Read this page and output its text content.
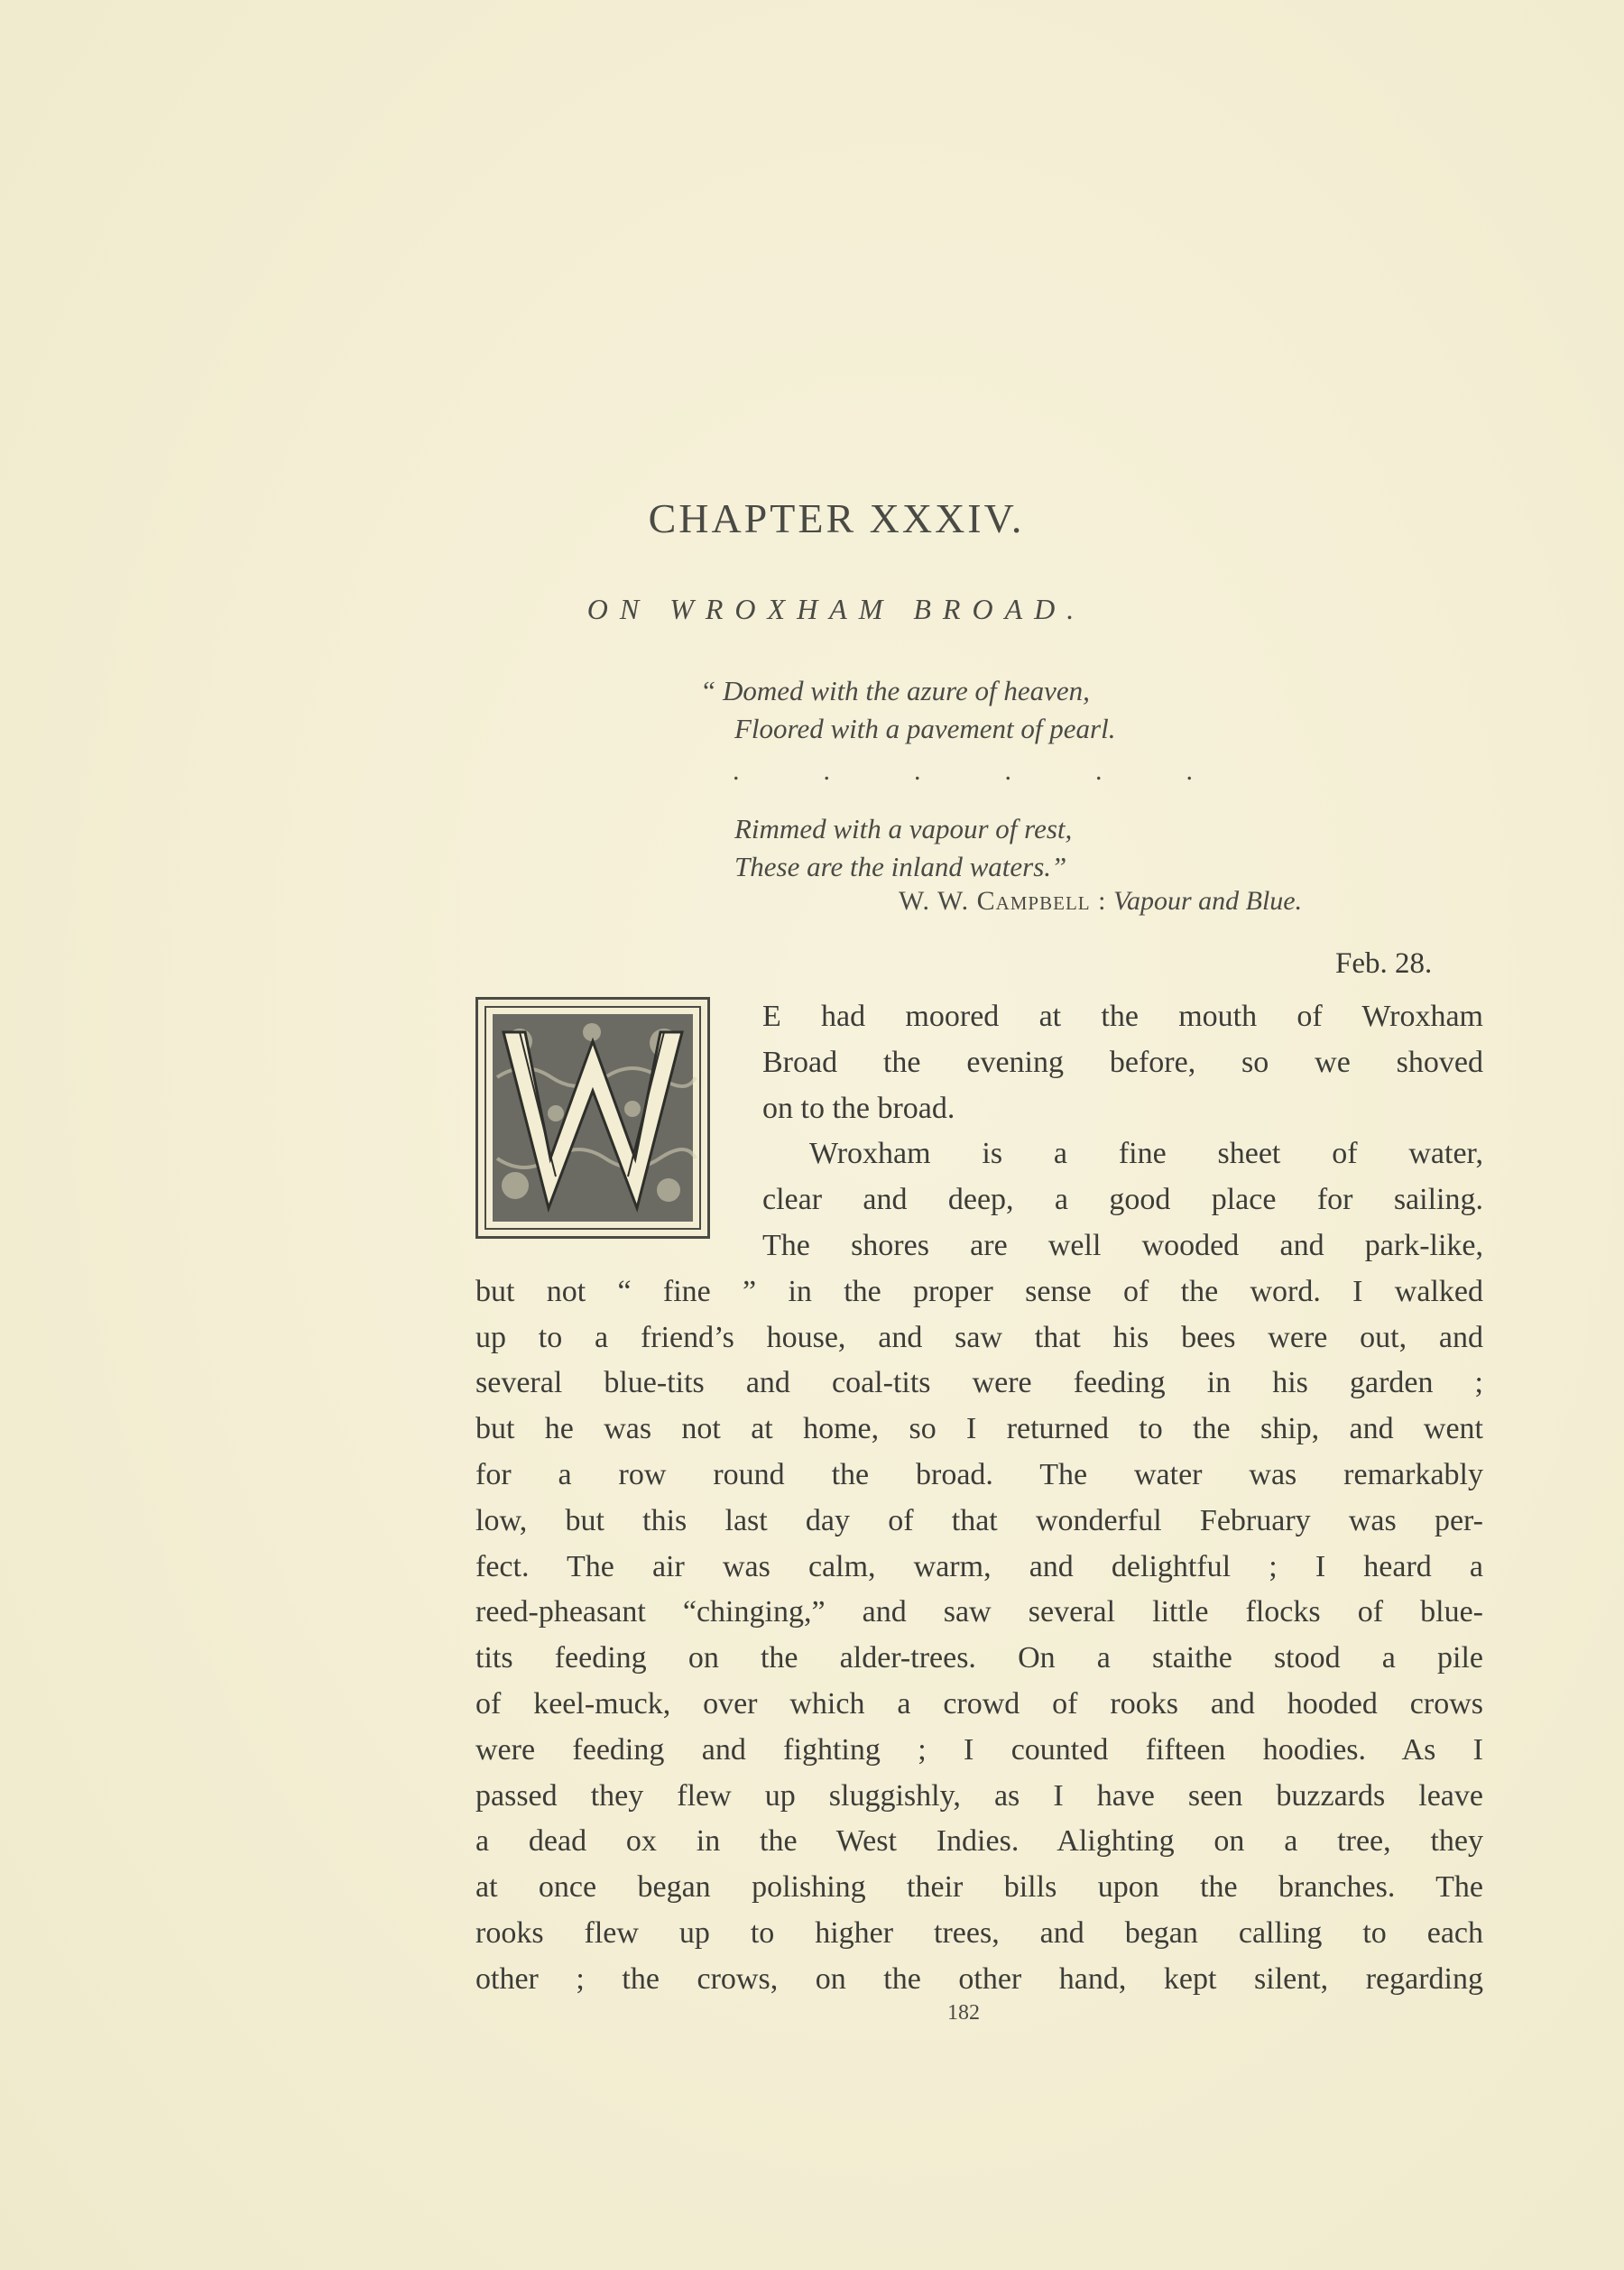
CHAPTER XXXIV.
ON WROXHAM BROAD.
“ Domed with the azure of heaven,
Floored with a pavement of pearl.
.	.	.	.	.	.
Rimmed with a vapour of rest,
These are the inland waters.”
W. W. Campbell : Vapour and Blue.
Feb. 28.
E had moored at the mouth of Wroxham
Broad the evening before, so we shoved
on to the broad.
Wroxham is a fine sheet of water,
clear and deep, a good place for sailing.
The shores are well wooded and park-like,
but not “ fine ” in the proper sense of the word. I walked
up to a friend’s house, and saw that his bees were out, and
several blue-tits and coal-tits were feeding in his garden ;
but he was not at home, so I returned to the ship, and went
for a row round the broad. The water was remarkably
low, but this last day of that wonderful February was per-
fect. The air was calm, warm, and delightful ; I heard a
reed-pheasant “chinging,” and saw several little flocks of blue-
tits feeding on the alder-trees. On a staithe stood a pile
of keel-muck, over which a crowd of rooks and hooded crows
were feeding and fighting ; I counted fifteen hoodies. As I
passed they flew up sluggishly, as I have seen buzzards leave
a dead ox in the West Indies. Alighting on a tree, they
at once began polishing their bills upon the branches. The
rooks flew up to higher trees, and began calling to each
other ; the crows, on the other hand, kept silent, regarding
182
